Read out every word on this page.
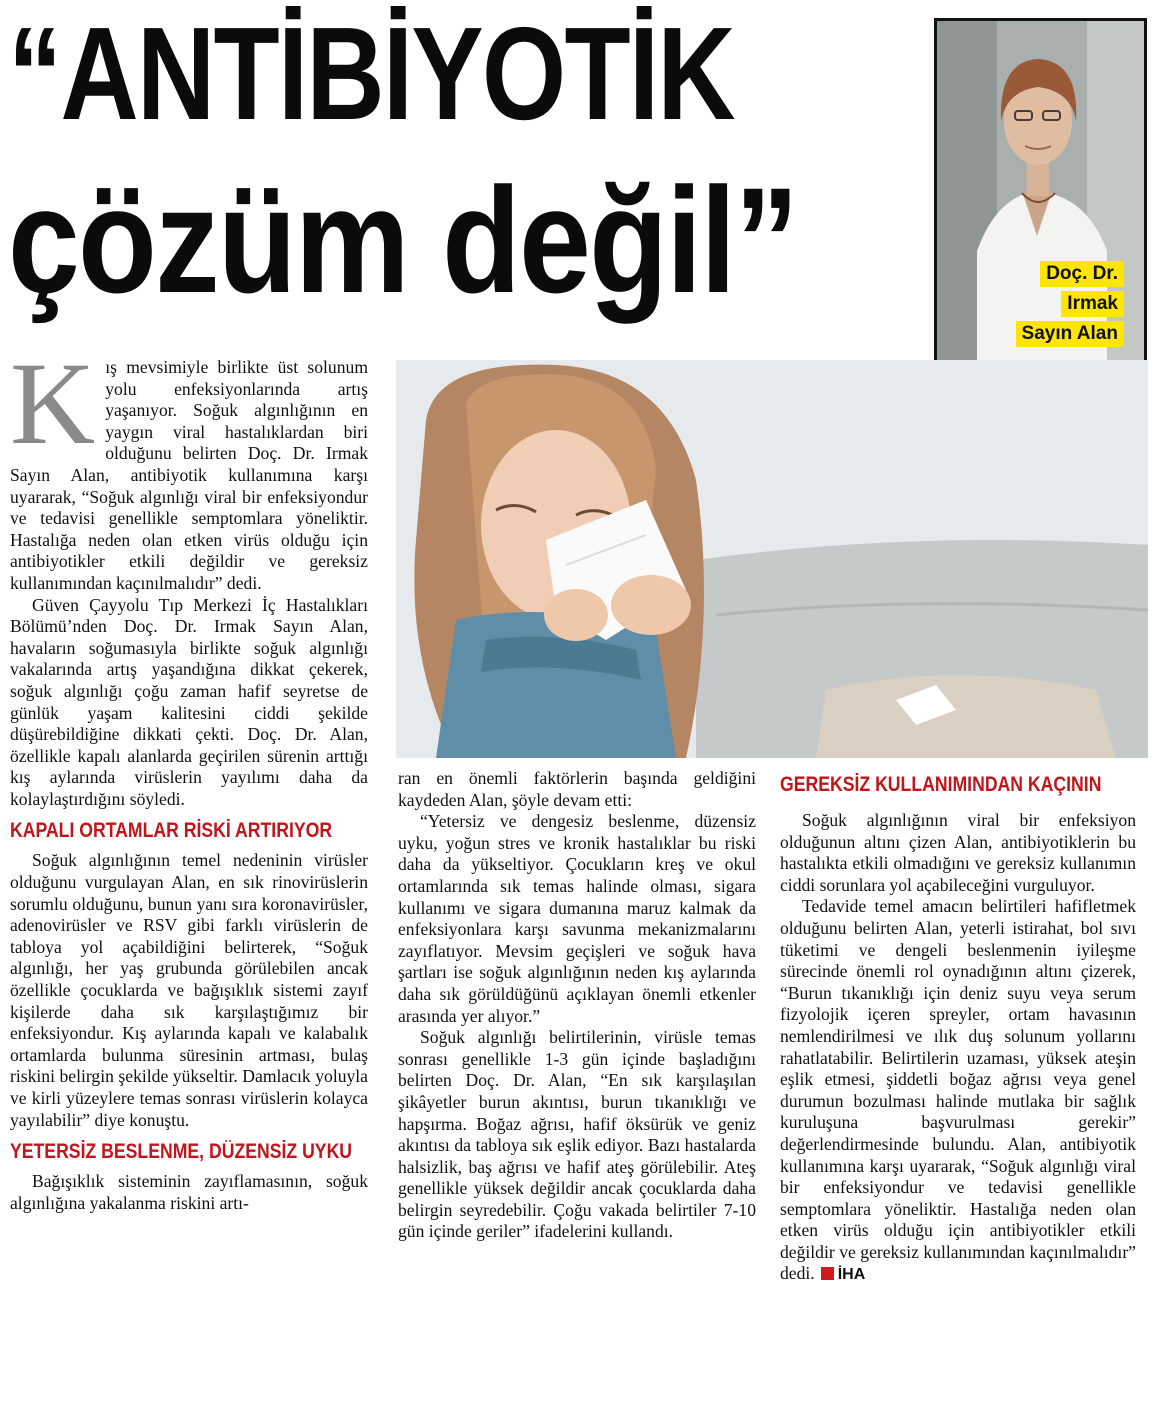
“ANTİBİYOTİK
çözüm değil”	Doç. Dr.
Irmak
Sayın Alan

Kış mevsimiyle birlikte üst solunum yolu enfeksiyonlarında artış yaşanıyor. Soğuk algınlığının en yaygın viral hastalıklardan biri olduğunu belirten Doç. Dr. Irmak Sayın Alan, antibiyotik kullanımına karşı uyararak, “Soğuk algınlığı viral bir enfeksiyondur ve tedavisi genellikle semptomlara yöneliktir. Hastalığa neden olan etken virüs olduğu için antibiyotikler etkili değildir ve gereksiz kullanımından kaçınılmalıdır” dedi.

Güven Çayyolu Tıp Merkezi İç Hastalıkları Bölümü’nden Doç. Dr. Irmak Sayın Alan, havaların soğumasıyla birlikte soğuk algınlığı vakalarında artış yaşandığına dikkat çekerek, soğuk algınlığı çoğu zaman hafif seyretse de günlük yaşam kalitesini ciddi şekilde düşürebildiğine dikkati çekti. Doç. Dr. Alan, özellikle kapalı alanlarda geçirilen sürenin arttığı kış aylarında virüslerin yayılımı daha da kolaylaştırdığını söyledi.

KAPALI ORTAMLAR RİSKİ ARTIRIYOR

Soğuk algınlığının temel nedeninin virüsler olduğunu vurgulayan Alan, en sık rinovirüslerin sorumlu olduğunu, bunun yanı sıra koronavirüsler, adenovirüsler ve RSV gibi farklı virüslerin de tabloya yol açabildiğini belirterek, “Soğuk algınlığı, her yaş grubunda görülebilen ancak özellikle çocuklarda ve bağışıklık sistemi zayıf kişilerde daha sık karşılaştığımız bir enfeksiyondur. Kış aylarında kapalı ve kalabalık ortamlarda bulunma süresinin artması, bulaş riskini belirgin şekilde yükseltir. Damlacık yoluyla ve kirli yüzeylere temas sonrası virüslerin kolayca yayılabilir” diye konuştu.

YETERSİZ BESLENME, DÜZENSİZ UYKU

Bağışıklık sisteminin zayıflamasının, soğuk algınlığına yakalanma riskini artı-

ran en önemli faktörlerin başında geldiğini kaydeden Alan, şöyle devam etti:

“Yetersiz ve dengesiz beslenme, düzensiz uyku, yoğun stres ve kronik hastalıklar bu riski daha da yükseltiyor. Çocukların kreş ve okul ortamlarında sık temas halinde olması, sigara kullanımı ve sigara dumanına maruz kalmak da enfeksiyonlara karşı savunma mekanizmalarını zayıflatıyor. Mevsim geçişleri ve soğuk hava şartları ise soğuk algınlığının neden kış aylarında daha sık görüldüğünü açıklayan önemli etkenler arasında yer alıyor.”

Soğuk algınlığı belirtilerinin, virüsle temas sonrası genellikle 1-3 gün içinde başladığını belirten Doç. Dr. Alan, “En sık karşılaşılan şikâyetler burun akıntısı, burun tıkanıklığı ve hapşırma. Boğaz ağrısı, hafif öksürük ve geniz akıntısı da tabloya sık eşlik ediyor. Bazı hastalarda halsizlik, baş ağrısı ve hafif ateş görülebilir. Ateş genellikle yüksek değildir ancak çocuklarda daha belirgin seyredebilir. Çoğu vakada belirtiler 7-10 gün içinde geriler” ifadelerini kullandı.

GEREKSİZ KULLANIMINDAN KAÇININ

Soğuk algınlığının viral bir enfeksiyon olduğunun altını çizen Alan, antibiyotiklerin bu hastalıkta etkili olmadığını ve gereksiz kullanımın ciddi sorunlara yol açabileceğini vurguluyor.

Tedavide temel amacın belirtileri hafifletmek olduğunu belirten Alan, yeterli istirahat, bol sıvı tüketimi ve dengeli beslenmenin iyileşme sürecinde önemli rol oynadığının altını çizerek, “Burun tıkanıklığı için deniz suyu veya serum fizyolojik içeren spreyler, ortam havasının nemlendirilmesi ve ılık duş solunum yollarını rahatlatabilir. Belirtilerin uzaması, yüksek ateşin eşlik etmesi, şiddetli boğaz ağrısı veya genel durumun bozulması halinde mutlaka bir sağlık kuruluşuna başvurulması gerekir” değerlendirmesinde bulundu. Alan, antibiyotik kullanımına karşı uyararak, “Soğuk algınlığı viral bir enfeksiyondur ve tedavisi genellikle semptomlara yöneliktir. Hastalığa neden olan etken virüs olduğu için antibiyotikler etkili değildir ve gereksiz kullanımından kaçınılmalıdır” dedi. İHA
